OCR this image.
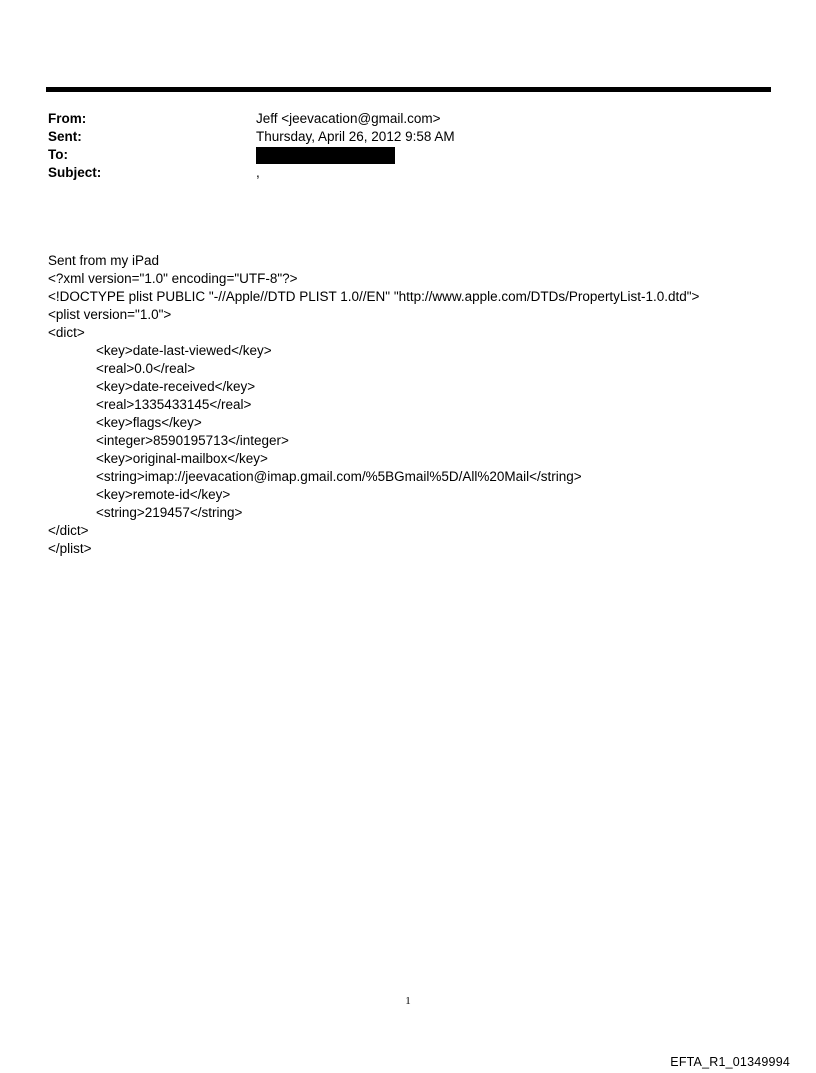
From:	Jeff <jeevacation@gmail.com>
Sent:	Thursday, April 26, 2012 9:58 AM
To:
Subject:	,
Sent from my iPad
<?xml version="1.0" encoding="UTF-8"?>
<!DOCTYPE plist PUBLIC "-//Apple//DTD PLIST 1.0//EN" "http://www.apple.com/DTDs/PropertyList-1.0.dtd">
<plist version="1.0">
<dict>
<key>date-last-viewed</key>
<real>0.0</real>
<key>date-received</key>
<real>1335433145</real>
<key>flags</key>
<integer>8590195713</integer>
<key>original-mailbox</key>
<string>imap://jeevacation@imap.gmail.com/%5BGmail%5D/All%20Mail</string>
<key>remote-id</key>
<string>219457</string>
</dict>
</plist>
1
EFTA_R1_01349994
